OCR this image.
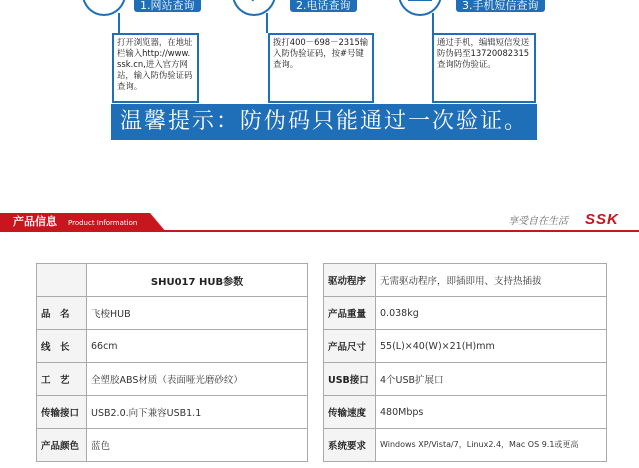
1.网站查询
打开浏览器，在地址栏输入http://www.ssk.cn,进入官方网站，输入防伪验证码查询。
2.电话查询
拨打400－698－2315输入防伪验证码，按#号键查询。
3.手机短信查询
通过手机，编辑短信发送防伪码至13720082315查询防伪验证。
温馨提示：防伪码只能通过一次验证。
产品信息 Product Information	享受自在生活 SSK
	SHU017 HUB参数
品　名	飞梭HUB
线　长	66cm
工　艺	全塑胶ABS材质（表面哑光磨砂纹）
传输接口	USB2.0.向下兼容USB1.1
产品颜色	蓝色
驱动程序	无需驱动程序，即插即用、支持热插拔
产品重量	0.038kg
产品尺寸	55(L)×40(W)×21(H)mm
USB接口	4个USB扩展口
传输速度	480Mbps
系统要求	Windows XP/Vista/7，Linux2.4，Mac OS 9.1或更高
